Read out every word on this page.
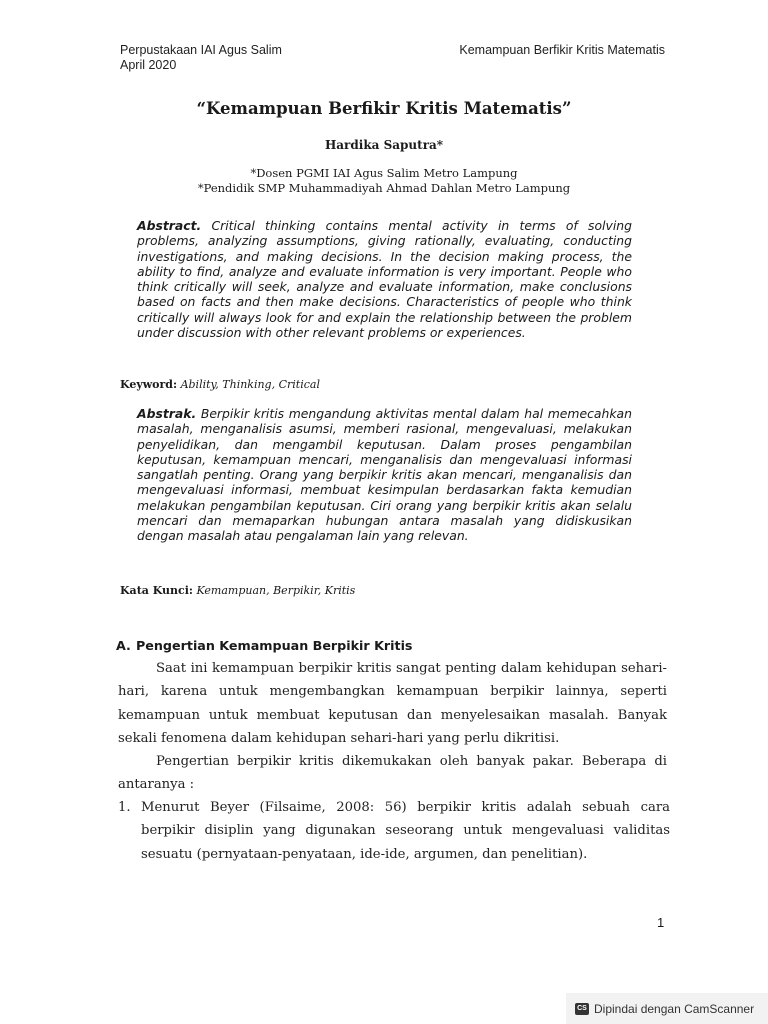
Perpustakaan IAI Agus Salim
April 2020
Kemampuan Berfikir Kritis Matematis
“Kemampuan Berfikir Kritis Matematis”
Hardika Saputra*
*Dosen PGMI IAI Agus Salim Metro Lampung
*Pendidik SMP Muhammadiyah Ahmad Dahlan Metro Lampung
Abstract. Critical thinking contains mental activity in terms of solving problems, analyzing assumptions, giving rationally, evaluating, conducting investigations, and making decisions. In the decision making process, the ability to find, analyze and evaluate information is very important. People who think critically will seek, analyze and evaluate information, make conclusions based on facts and then make decisions. Characteristics of people who think critically will always look for and explain the relationship between the problem under discussion with other relevant problems or experiences.
Keyword: Ability, Thinking, Critical
Abstrak. Berpikir kritis mengandung aktivitas mental dalam hal memecahkan masalah, menganalisis asumsi, memberi rasional, mengevaluasi, melakukan penyelidikan, dan mengambil keputusan. Dalam proses pengambilan keputusan, kemampuan mencari, menganalisis dan mengevaluasi informasi sangatlah penting. Orang yang berpikir kritis akan mencari, menganalisis dan mengevaluasi informasi, membuat kesimpulan berdasarkan fakta kemudian melakukan pengambilan keputusan. Ciri orang yang berpikir kritis akan selalu mencari dan memaparkan hubungan antara masalah yang didiskusikan dengan masalah atau pengalaman lain yang relevan.
Kata Kunci: Kemampuan, Berpikir, Kritis
A. Pengertian Kemampuan Berpikir Kritis
Saat ini kemampuan berpikir kritis sangat penting dalam kehidupan sehari-hari, karena untuk mengembangkan kemampuan berpikir lainnya, seperti kemampuan untuk membuat keputusan dan menyelesaikan masalah. Banyak sekali fenomena dalam kehidupan sehari-hari yang perlu dikritisi.
Pengertian berpikir kritis dikemukakan oleh banyak pakar. Beberapa di antaranya :
1. Menurut Beyer (Filsaime, 2008: 56) berpikir kritis adalah sebuah cara berpikir disiplin yang digunakan seseorang untuk mengevaluasi validitas sesuatu (pernyataan-penyataan, ide-ide, argumen, dan penelitian).
1
CS Dipindai dengan CamScanner
